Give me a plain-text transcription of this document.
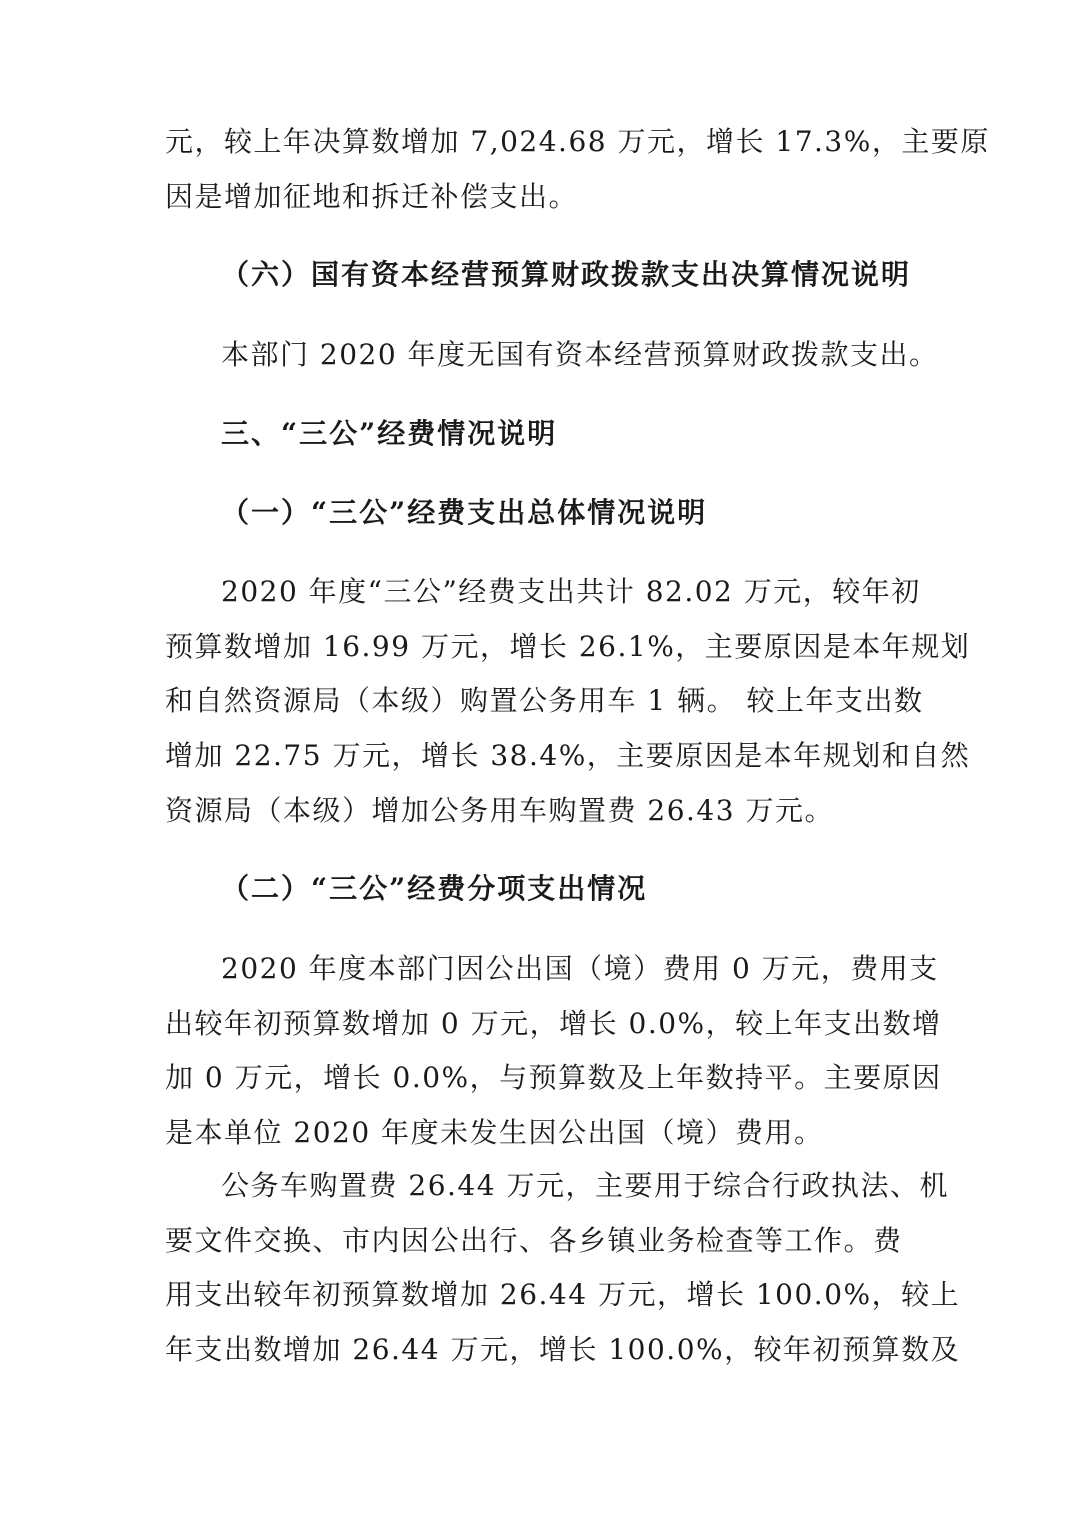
元，较上年决算数增加 7,024.68 万元，增长 17.3%，主要原
因是增加征地和拆迁补偿支出。
（六）国有资本经营预算财政拨款支出决算情况说明
本部门 2020 年度无国有资本经营预算财政拨款支出。
三、“三公”经费情况说明
（一）“三公”经费支出总体情况说明
2020 年度“三公”经费支出共计 82.02 万元，较年初
预算数增加 16.99 万元，增长 26.1%，主要原因是本年规划
和自然资源局（本级）购置公务用车 1 辆。 较上年支出数
增加 22.75 万元，增长 38.4%，主要原因是本年规划和自然
资源局（本级）增加公务用车购置费 26.43 万元。
（二）“三公”经费分项支出情况
2020 年度本部门因公出国（境）费用 0 万元，费用支
出较年初预算数增加 0 万元，增长 0.0%，较上年支出数增
加 0 万元，增长 0.0%，与预算数及上年数持平。主要原因
是本单位 2020 年度未发生因公出国（境）费用。
公务车购置费 26.44 万元，主要用于综合行政执法、机
要文件交换、市内因公出行、各乡镇业务检查等工作。费
用支出较年初预算数增加 26.44 万元，增长 100.0%，较上
年支出数增加 26.44 万元，增长 100.0%，较年初预算数及
